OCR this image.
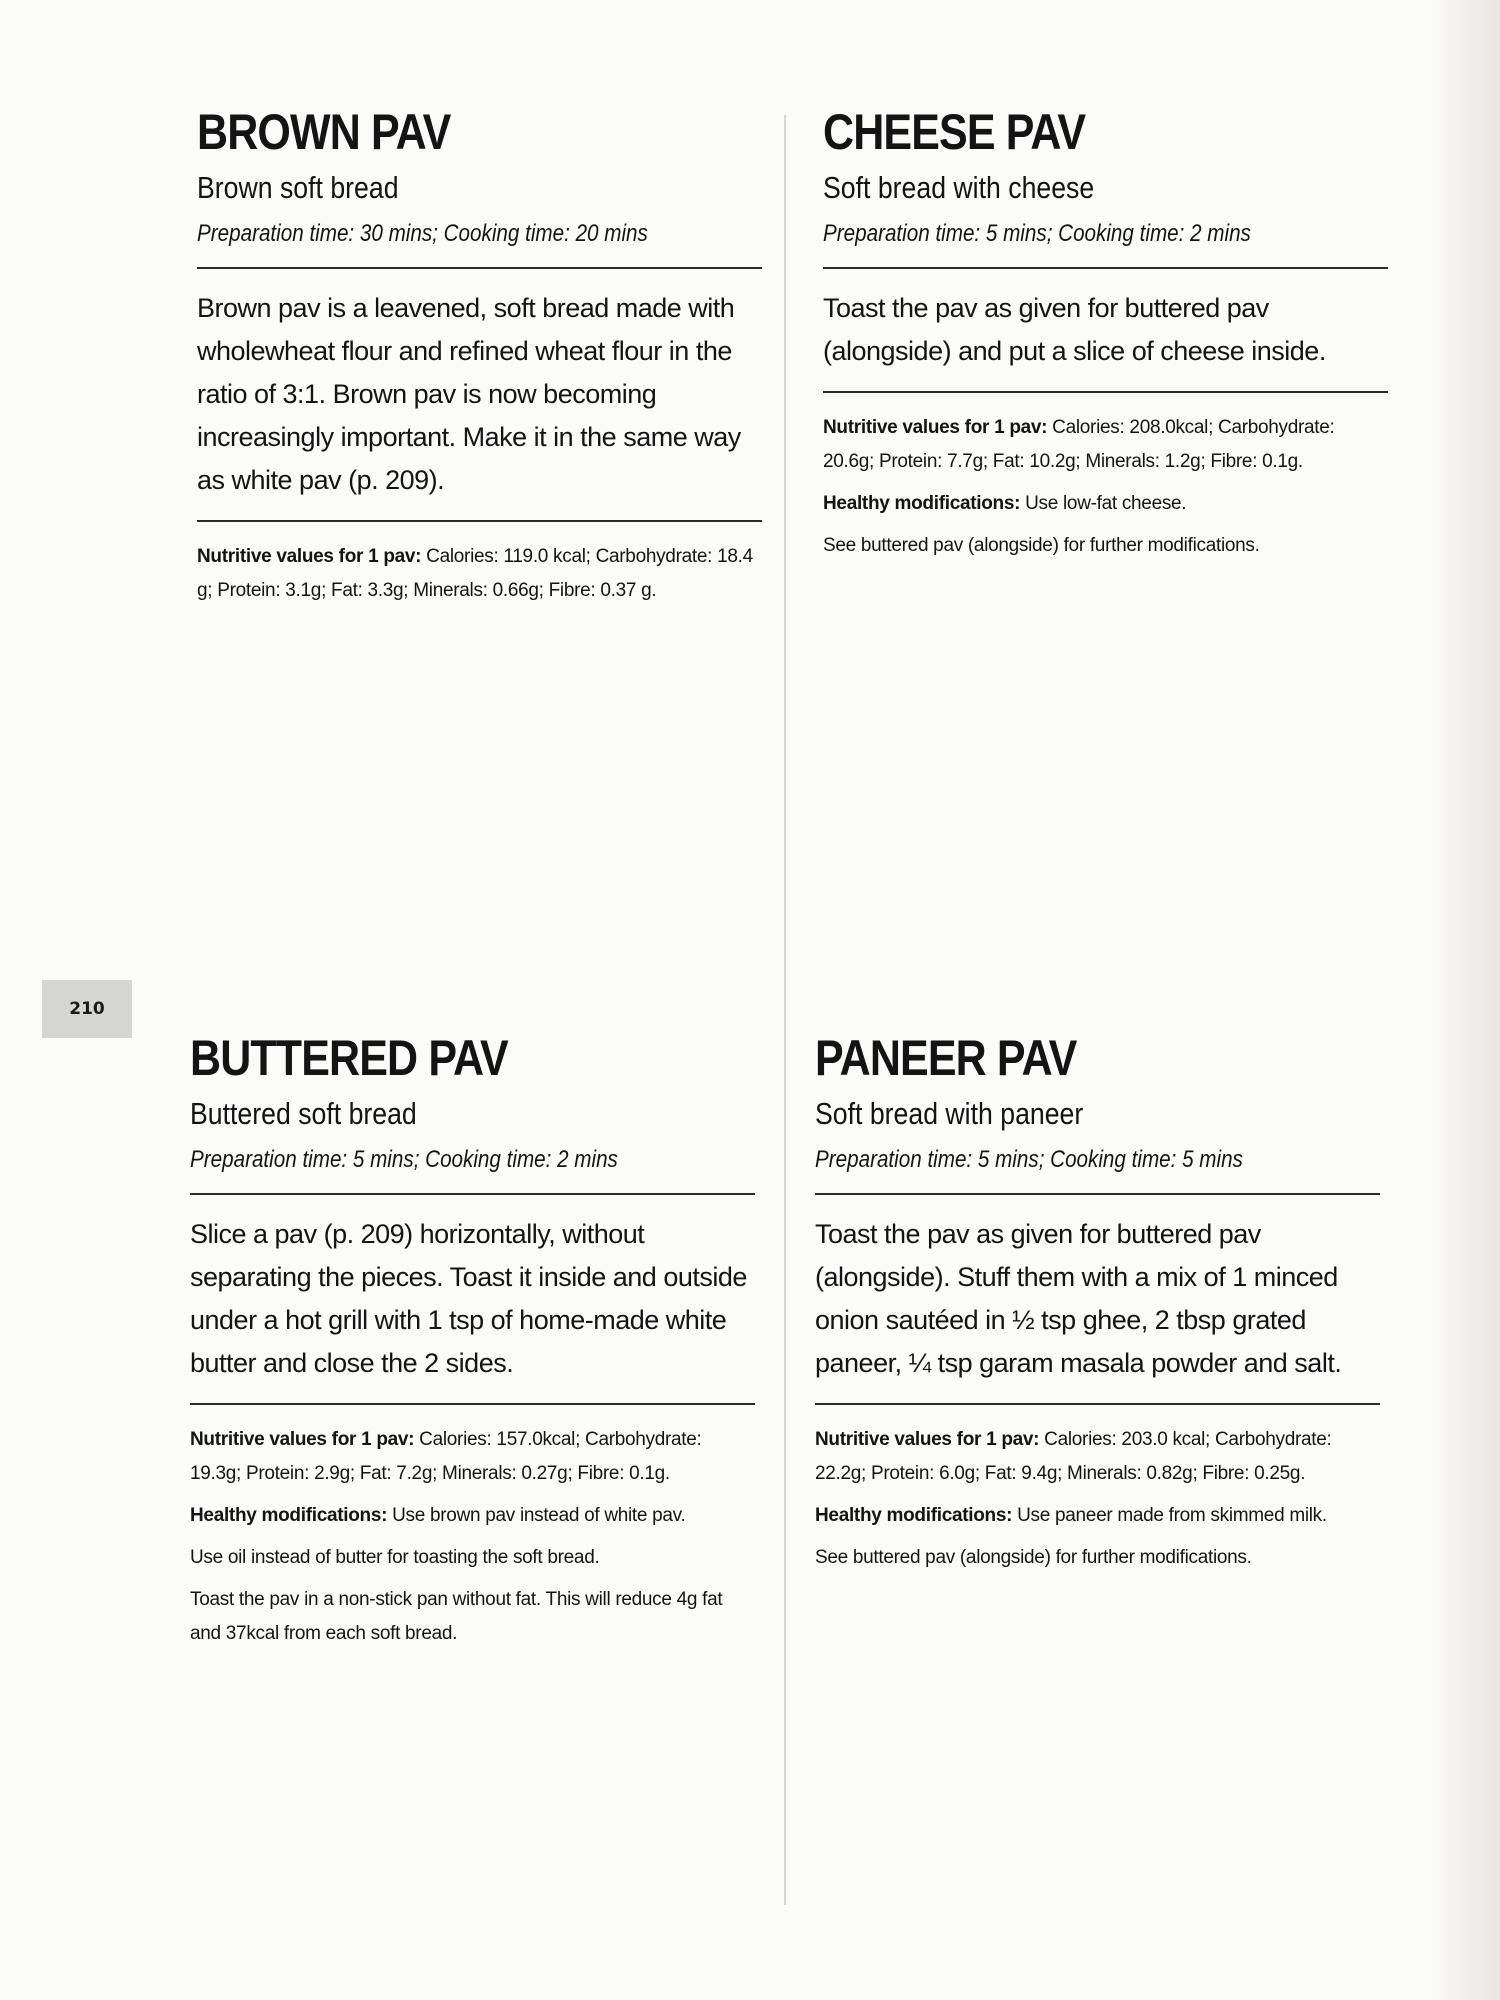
210
BROWN PAV
Brown soft bread
Preparation time: 30 mins; Cooking time: 20 mins
Brown pav is a leavened, soft bread made with wholewheat flour and refined wheat flour in the ratio of 3:1. Brown pav is now becoming increasingly important. Make it in the same way as white pav (p. 209).

Nutritive values for 1 pav: Calories: 119.0 kcal; Carbohydrate: 18.4 g; Protein: 3.1g; Fat: 3.3g; Minerals: 0.66g; Fibre: 0.37 g.

CHEESE PAV
Soft bread with cheese
Preparation time: 5 mins; Cooking time: 2 mins
Toast the pav as given for buttered pav (alongside) and put a slice of cheese inside.

Nutritive values for 1 pav: Calories: 208.0kcal; Carbohydrate: 20.6g; Protein: 7.7g; Fat: 10.2g; Minerals: 1.2g; Fibre: 0.1g.

Healthy modifications: Use low-fat cheese.

See buttered pav (alongside) for further modifications.

BUTTERED PAV
Buttered soft bread
Preparation time: 5 mins; Cooking time: 2 mins
Slice a pav (p. 209) horizontally, without separating the pieces. Toast it inside and outside under a hot grill with 1 tsp of home-made white butter and close the 2 sides.

Nutritive values for 1 pav: Calories: 157.0kcal; Carbohydrate: 19.3g; Protein: 2.9g; Fat: 7.2g; Minerals: 0.27g; Fibre: 0.1g.

Healthy modifications: Use brown pav instead of white pav.

Use oil instead of butter for toasting the soft bread.

Toast the pav in a non-stick pan without fat. This will reduce 4g fat and 37kcal from each soft bread.

PANEER PAV
Soft bread with paneer
Preparation time: 5 mins; Cooking time: 5 mins
Toast the pav as given for buttered pav (alongside). Stuff them with a mix of 1 minced onion sautéed in ½ tsp ghee, 2 tbsp grated paneer, ¼ tsp garam masala powder and salt.

Nutritive values for 1 pav: Calories: 203.0 kcal; Carbohydrate: 22.2g; Protein: 6.0g; Fat: 9.4g; Minerals: 0.82g; Fibre: 0.25g.

Healthy modifications: Use paneer made from skimmed milk.

See buttered pav (alongside) for further modifications.
